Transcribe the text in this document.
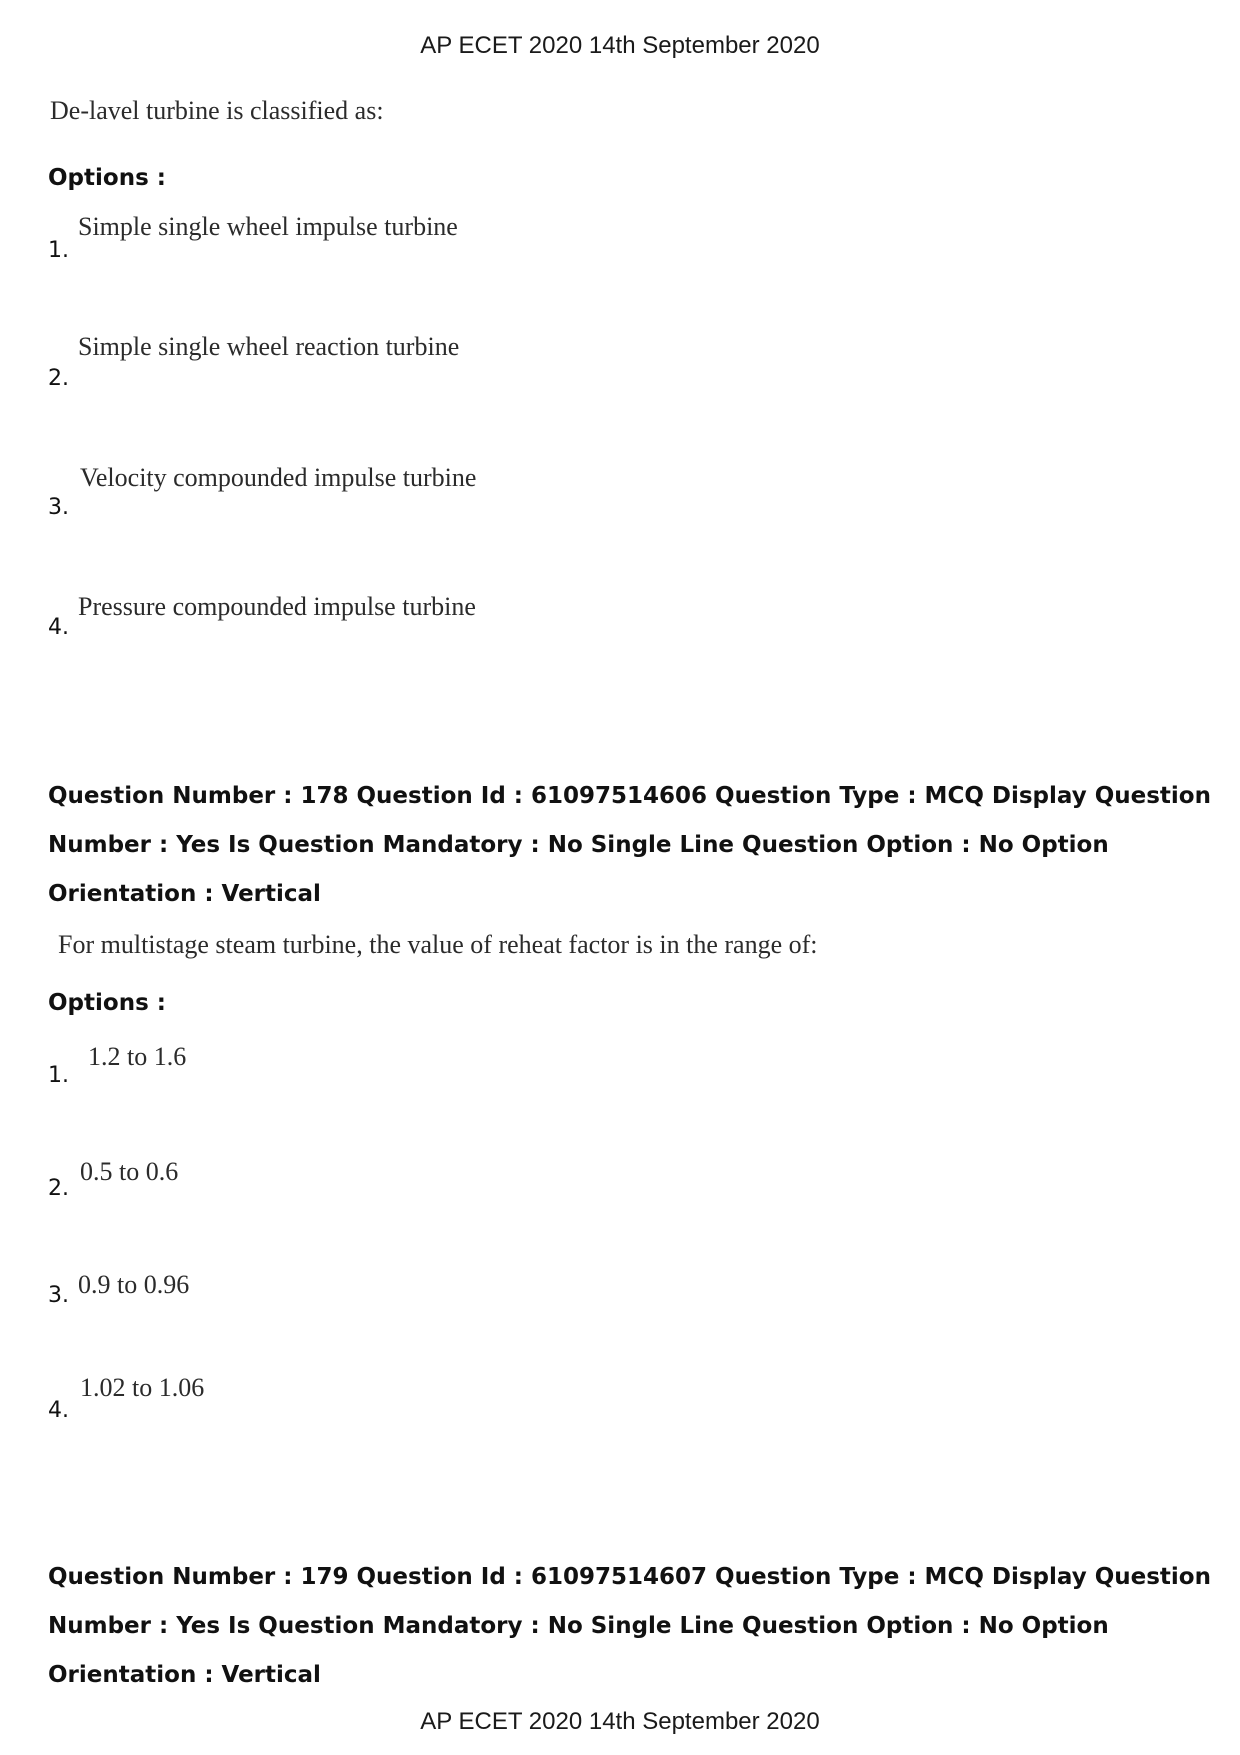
AP ECET 2020 14th September 2020
De-lavel turbine is classified as:
Options :
1.
Simple single wheel impulse turbine
2.
Simple single wheel reaction turbine
3.
Velocity compounded impulse turbine
4.
Pressure compounded impulse turbine
Question Number : 178 Question Id : 61097514606 Question Type : MCQ Display Question
Number : Yes Is Question Mandatory : No Single Line Question Option : No Option
Orientation : Vertical
For multistage steam turbine, the value of reheat factor is in the range of:
Options :
1.
1.2 to 1.6
2.
0.5 to 0.6
3. 0.9 to 0.96
4.
1.02 to 1.06
Question Number : 179 Question Id : 61097514607 Question Type : MCQ Display Question
Number : Yes Is Question Mandatory : No Single Line Question Option : No Option
Orientation : Vertical
AP ECET 2020 14th September 2020
